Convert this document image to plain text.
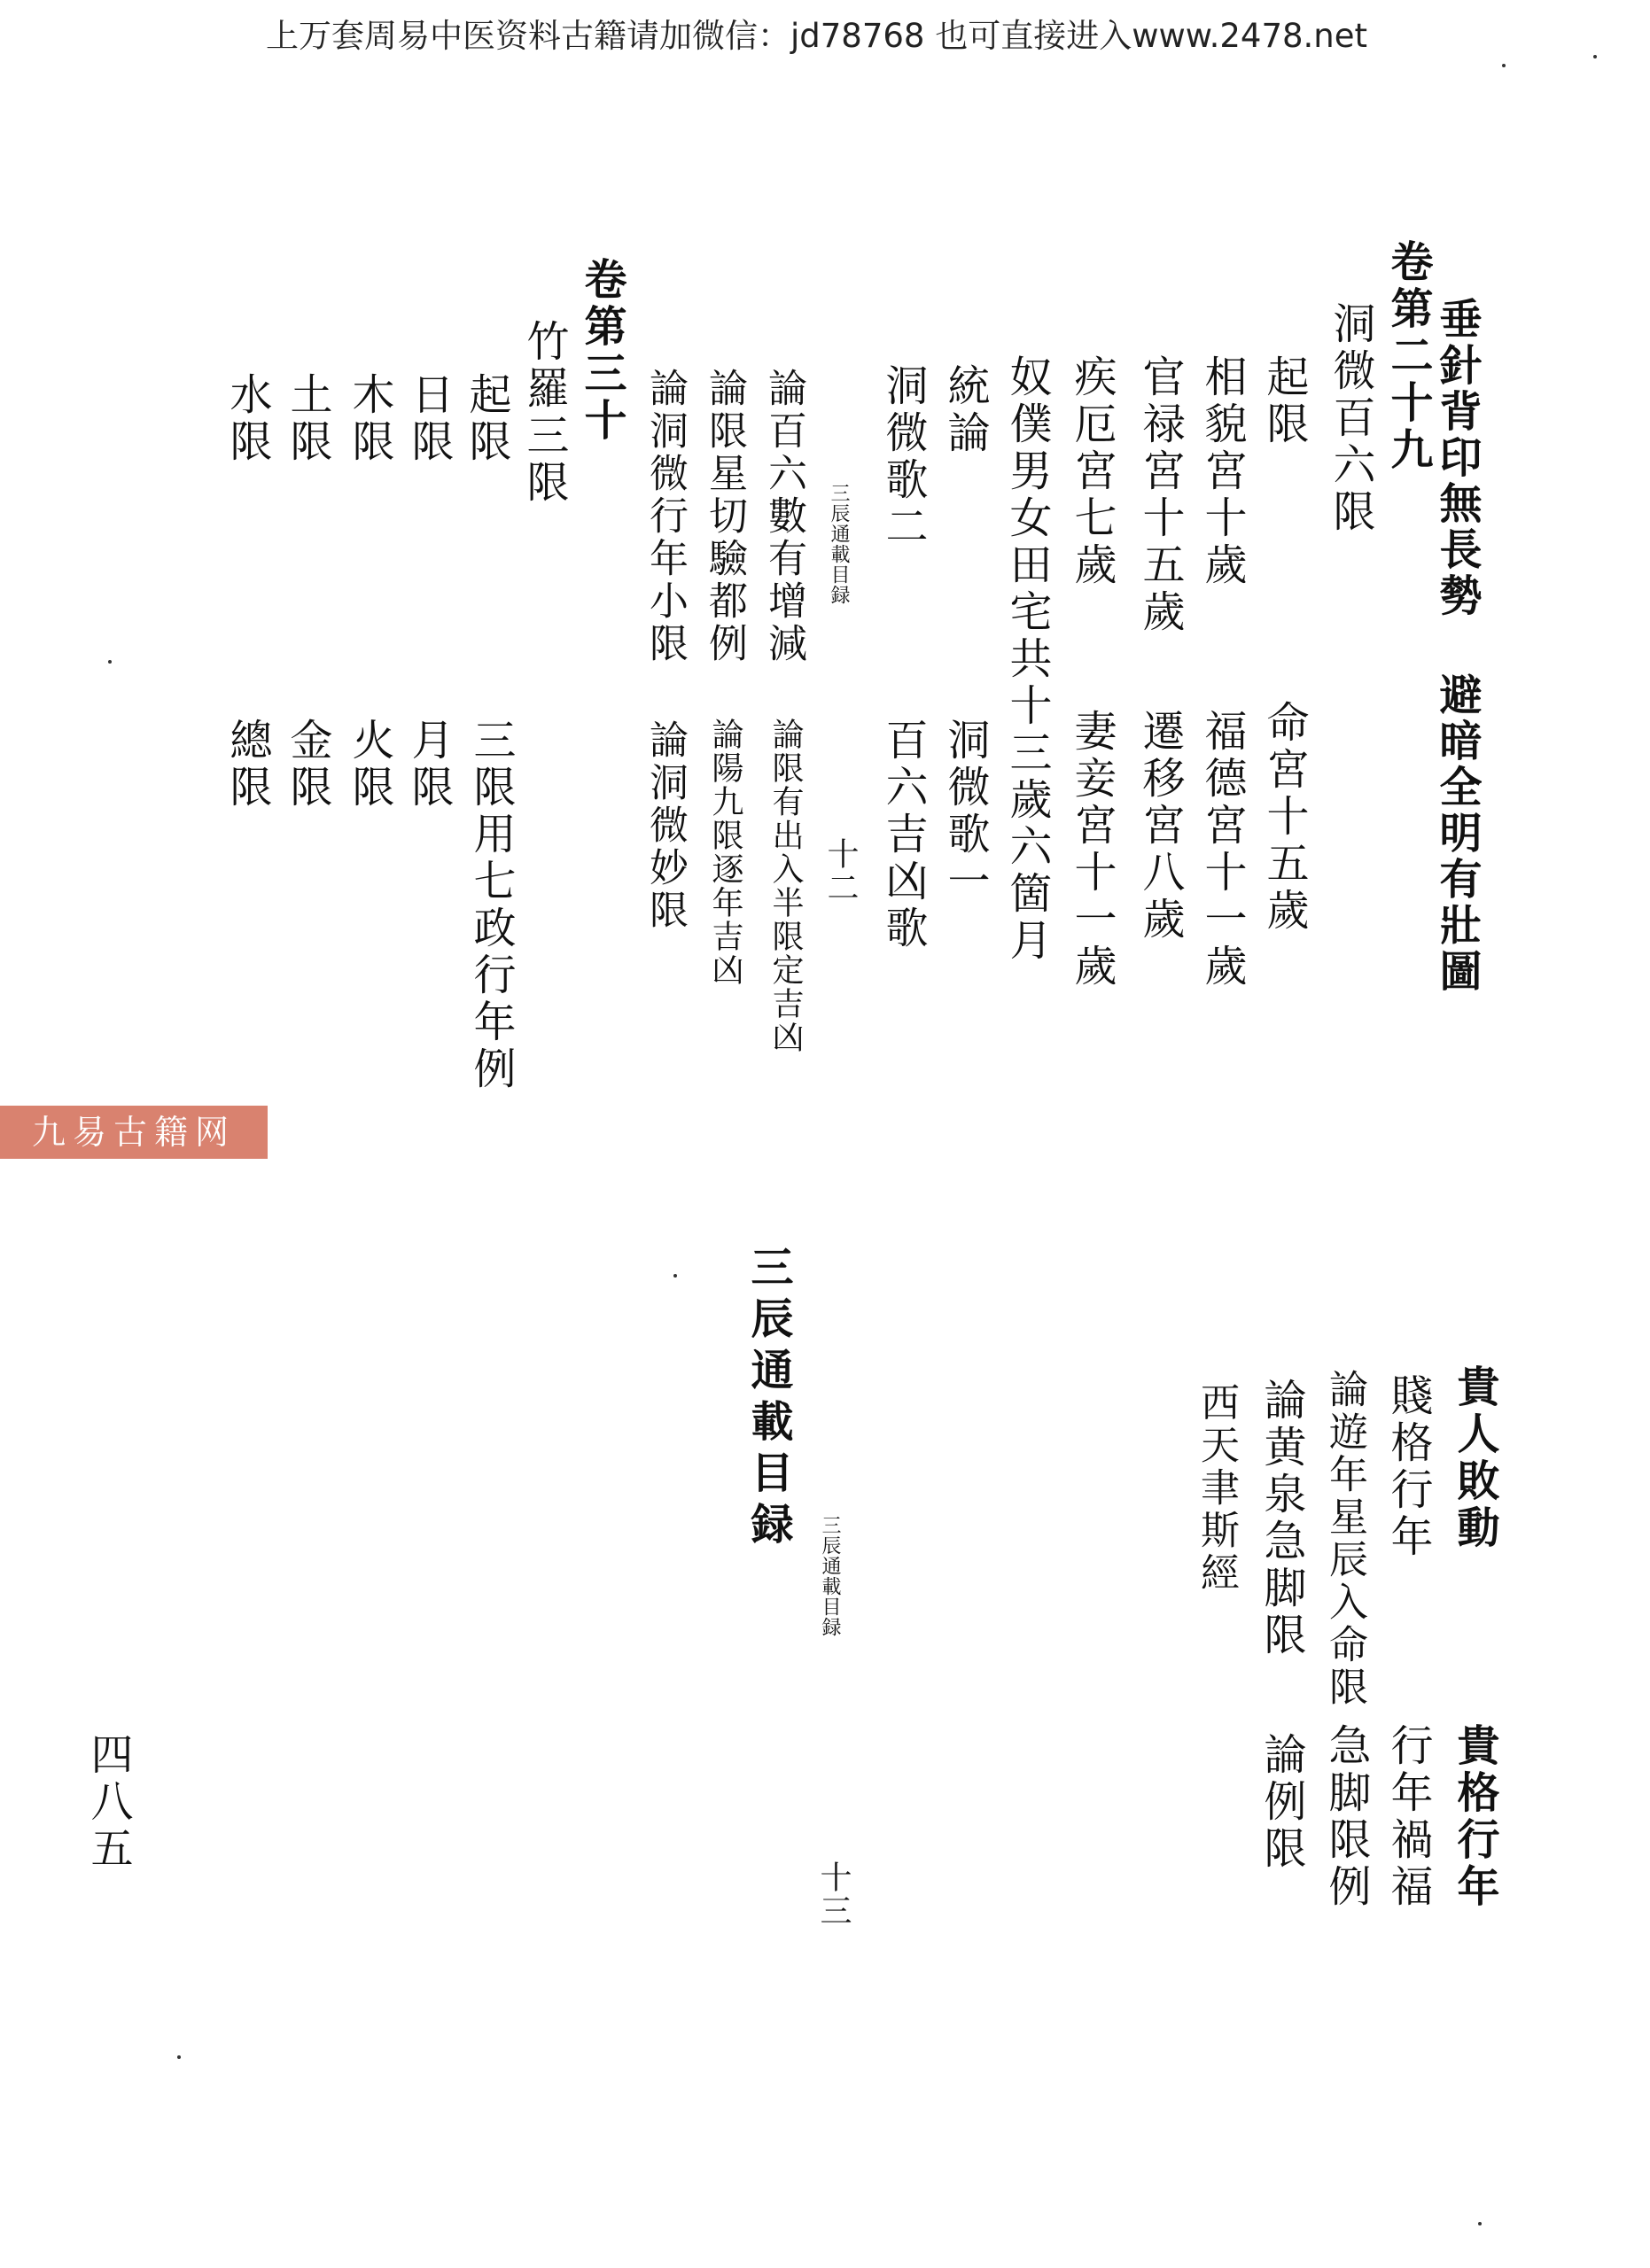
上万套周易中医资料古籍请加微信：jd78768 也可直接进入www.2478.net
卷第二十九 垂針背印無長勢 避暗全明有壯圖
洞微百六限
起限
命宮十五歲
相貌宮十歲
福德宮十一歲
官禄宮十五歲
遷移宮八歲
疾厄宮七歲
妻妾宮十一歲
奴僕男女田宅共十三歲六箇月
統論
洞微歌一
洞微歌二
百六吉凶歌
三辰通載目録
十二
論百六數有增減
論限有出入半限定吉凶
論限星切驗都例
論陽九限逐年吉凶
論洞微行年小限
論洞微妙限
卷第三十
竹羅三限
起限
三限用七政行年例
日限
月限
木限
火限
土限
金限
水限
總限
九易古籍网
貴人敗動
貴格行年
賤格行年
行年禍福
論遊年星辰入命限
急脚限例
論黄泉急脚限
論例限
西天聿斯經
三辰通載目録
三辰通載目録
十三
四八五
